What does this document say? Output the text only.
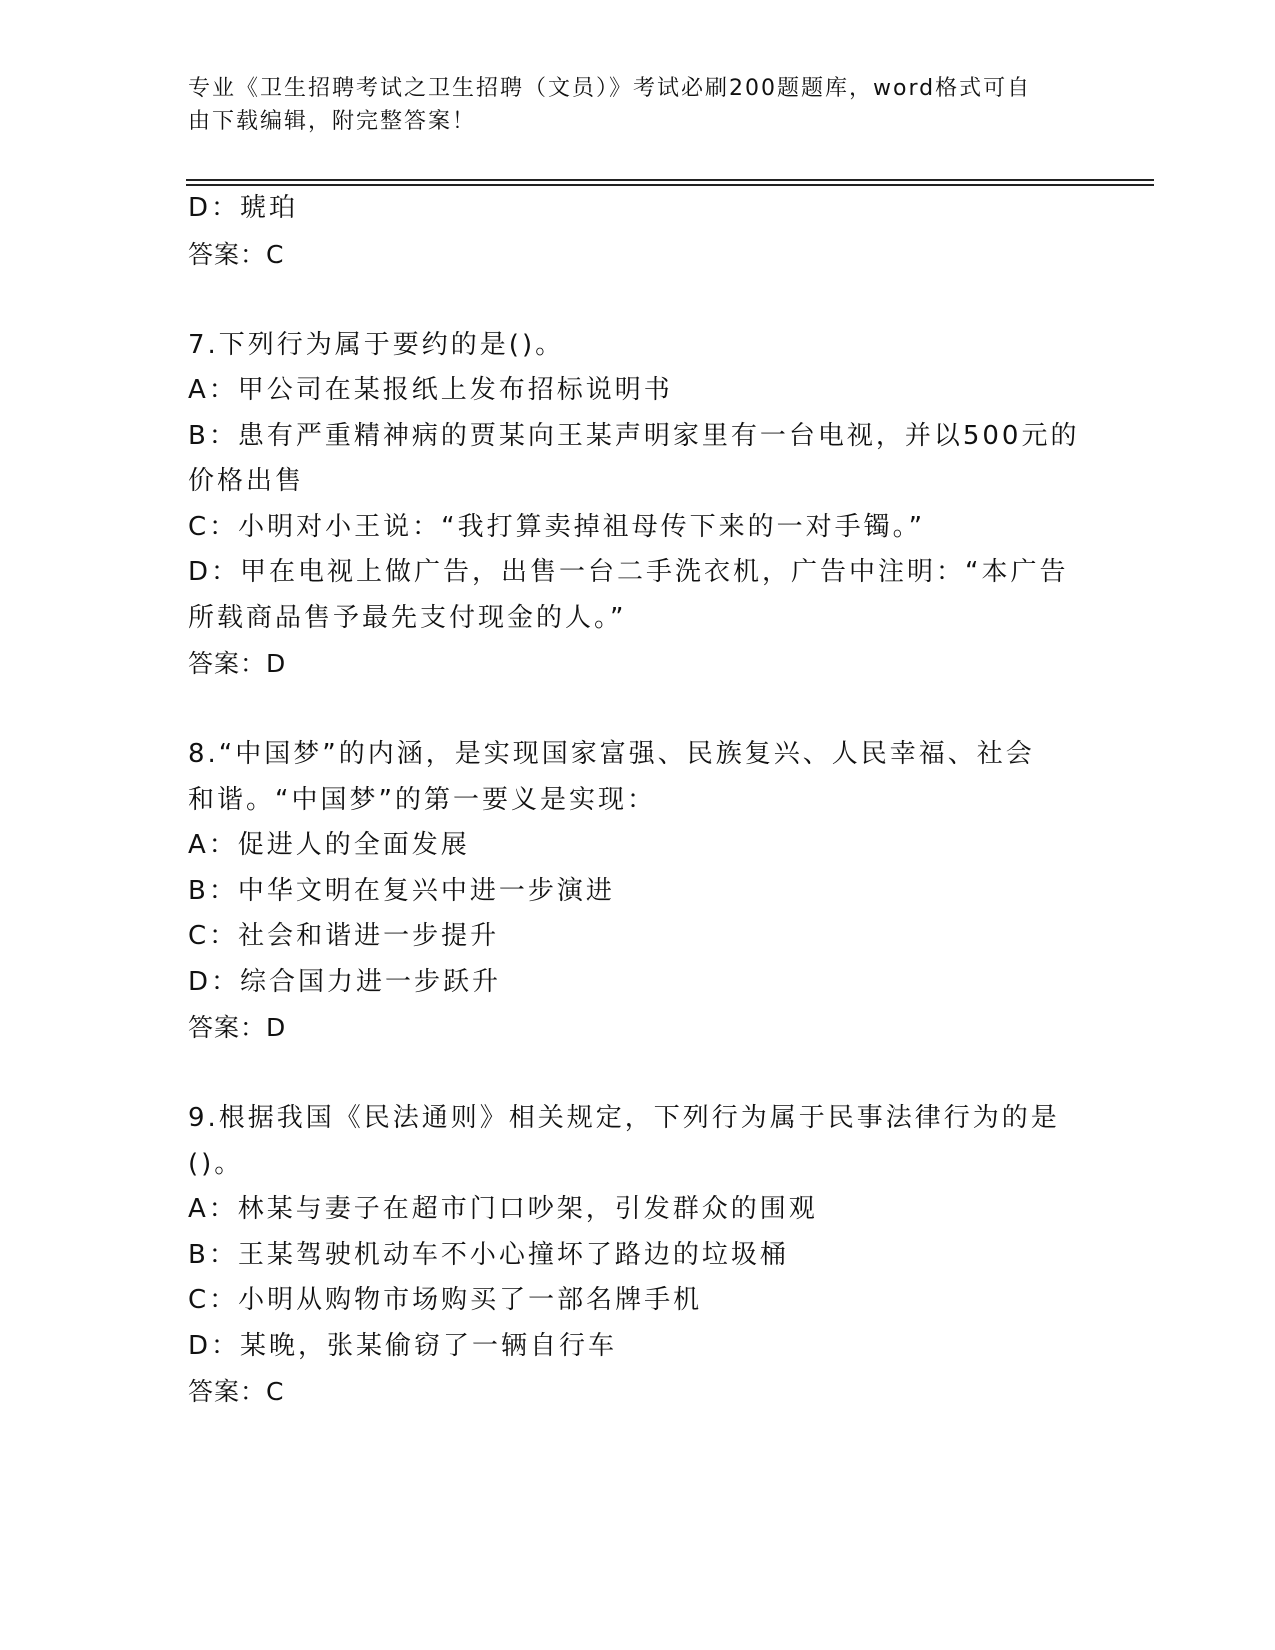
专业《卫生招聘考试之卫生招聘（文员）》考试必刷200题题库，word格式可自
由下载编辑，附完整答案！
D：琥珀
答案：C
7.下列行为属于要约的是()。
A：甲公司在某报纸上发布招标说明书
B：患有严重精神病的贾某向王某声明家里有一台电视，并以500元的
价格出售
C：小明对小王说：“我打算卖掉祖母传下来的一对手镯。”
D：甲在电视上做广告，出售一台二手洗衣机，广告中注明：“本广告
所载商品售予最先支付现金的人。”
答案：D
8.“中国梦”的内涵，是实现国家富强、民族复兴、人民幸福、社会
和谐。“中国梦”的第一要义是实现：
A：促进人的全面发展
B：中华文明在复兴中进一步演进
C：社会和谐进一步提升
D：综合国力进一步跃升
答案：D
9.根据我国《民法通则》相关规定，下列行为属于民事法律行为的是
()。
A：林某与妻子在超市门口吵架，引发群众的围观
B：王某驾驶机动车不小心撞坏了路边的垃圾桶
C：小明从购物市场购买了一部名牌手机
D：某晚，张某偷窃了一辆自行车
答案：C
